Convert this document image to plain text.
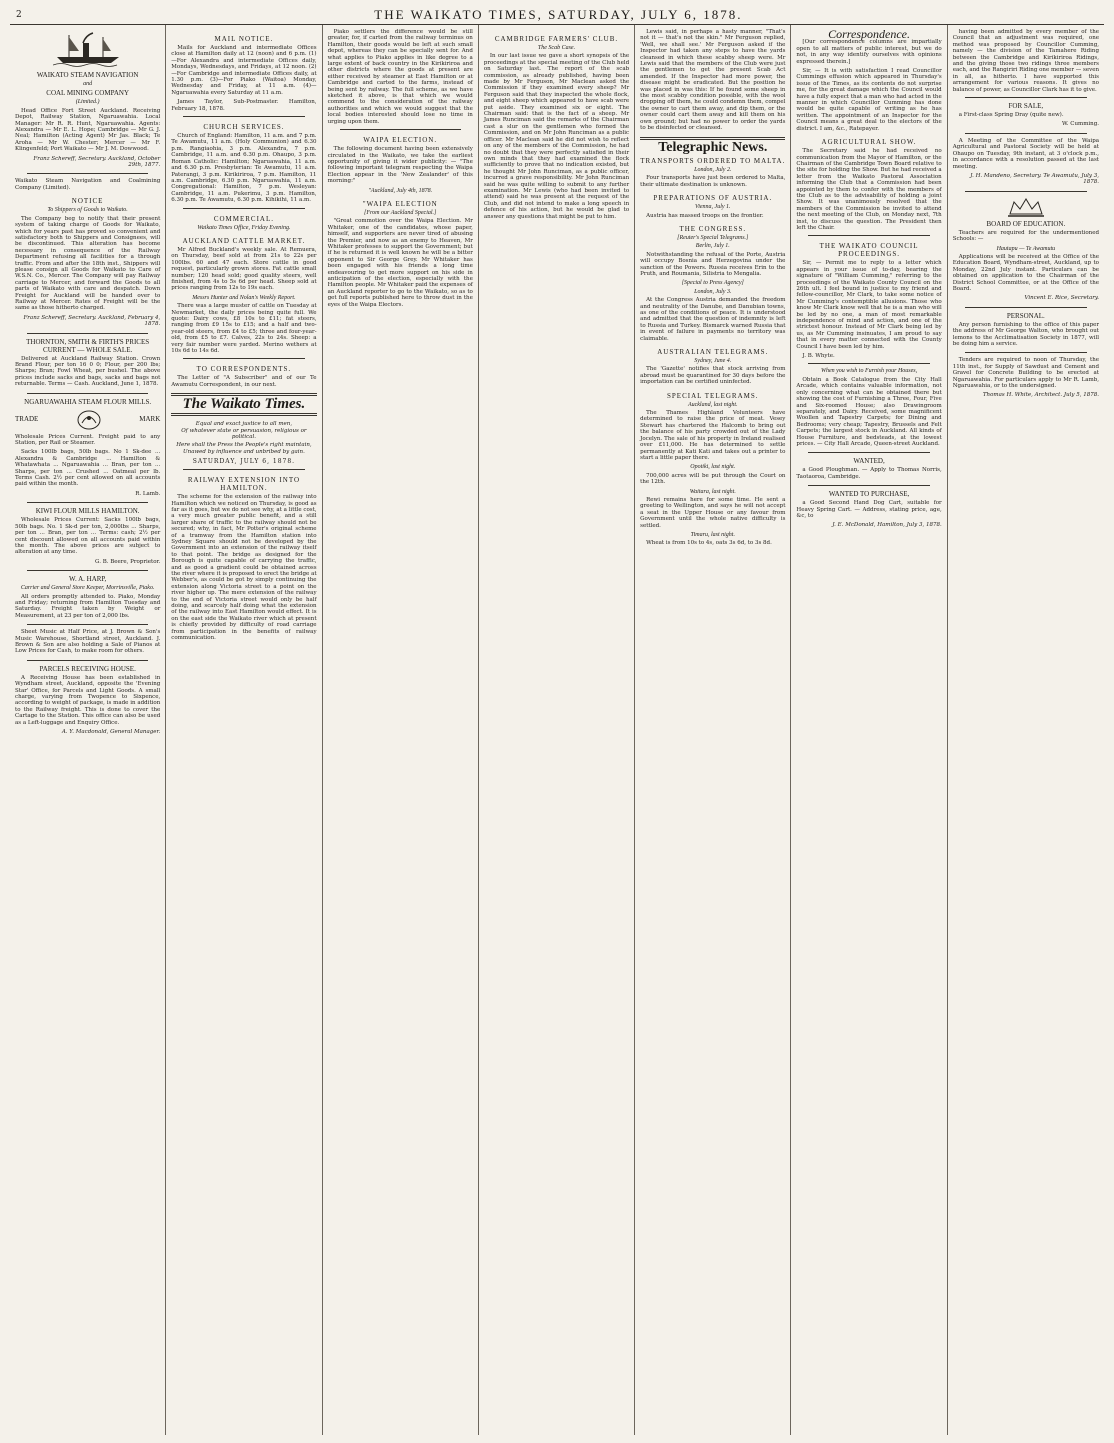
2	THE WAIKATO TIMES, SATURDAY, JULY 6, 1878.

WAIKATO STEAM NAVIGATION
and
COAL MINING COMPANY
(Limited.)

Head Office Fort Street Auckland. Receiving Depot, Railway Station, Ngaruawahia. Local Manager: Mr R. R. Hunt, Ngaruawahia. Agents: Alexandra — Mr E. L. Hope; Cambridge — Mr G. J. Neal; Hamilton (Acting Agent) Mr Jas. Black; Te Aroha — Mr W. Chester; Mercer — Mr F. Klingenfeld; Port Waikato — Mr J. M. Dowwood.

Franz Schereff, Secretary. Auckland, October 29th, 1877.

Waikato Steam Navigation and Coalmining Company (Limited).

NOTICE
To Shippers of Goods to Waikato.

The Company beg to notify that their present system of taking charge of Goods for Waikato, which for years past has proved so convenient and satisfactory both to Shippers and Consignees, will be discontinued. This alteration has become necessary in consequence of the Railway Department refusing all facilities for a through traffic. From and after the 18th inst., Shippers will please consign all Goods for Waikato to Care of W.S.N. Co., Mercer. The Company will pay Railway carriage to Mercer, and forward the Goods to all parts of Waikato with care and despatch. Down Freight for Auckland will be handed over to Railway at Mercer. Rates of Freight will be the same as those hitherto charged.

Franz Schereff, Secretary. Auckland, February 4, 1878.

THORNTON, SMITH & FIRTH'S PRICES CURRENT — WHOLE SALE.

Delivered at Auckland Railway Station. Crown Brand Flour, per ton 16 0 0; Flour, per 200 lbs; Sharps; Bran; Fowl Wheat, per bushel. The above prices include sacks and bags, sacks and bags not returnable. Terms — Cash. Auckland, June 1, 1878.

NGARUAWAHIA STEAM FLOUR MILLS.
TRADE	MARK

Wholesale Prices Current. Freight paid to any Station, per Rail or Steamer.

Sacks 100lb bags, 50lb bags. No 1 Sk-dee ... Alexandra & Cambridge ... Hamilton & Whatawhata ... Ngaruawahia ... Bran, per ton ... Sharps, per ton ... Crushed ... Oatmeal per lb. Terms Cash. 2½ per cent allowed on all accounts paid within the month.

R. Lamb.

KIWI FLOUR MILLS HAMILTON.

Wholesale Prices Current: Sacks 100lb bags, 50lb bags. No. 1 Sk-d per ton, 2,000lbs ... Sharps, per ton ... Bran, per ton ... Terms: cash; 2½ per cent discount allowed on all accounts paid within the month. The above prices are subject to alteration at any time.

G. B. Beere, Proprietor.

W. A. HARP,
Carrier and General Store Keeper, Morrinsville, Piako.

All orders promptly attended to. Piako, Monday and Friday; returning from Hamilton Tuesday and Saturday. Freight taken by Weight or Measurement, at 23 per ton of 2,000 lbs.

Sheet Music at Half Price, at J. Brown & Son's Music Warehouse, Shortland street, Auckland. J. Brown & Son are also holding a Sale of Pianos at Low Prices for Cash, to make room for others.

PARCELS RECEIVING HOUSE.

A Receiving House has been established in Wyndham street, Auckland, opposite the 'Evening Star' Office, for Parcels and Light Goods. A small charge, varying from Twopence to Sixpence, according to weight of package, is made in addition to the Railway freight. This is done to cover the Cartage to the Station. This office can also be used as a Left-luggage and Enquiry Office.

A. Y. Macdonald, General Manager.

MAIL NOTICE.

Mails for Auckland and intermediate Offices close at Hamilton daily at 12 (noon) and 6 p.m. (1)—For Alexandra and intermediate Offices daily, Mondays, Wednesdays, and Fridays, at 12 noon. (2)—For Cambridge and intermediate Offices daily, at 1.30 p.m. (3)—For Piako (Waitoa) Monday, Wednesday and Friday, at 11 a.m. (4)—Ngaruawahia every Saturday at 11 a.m.

James Taylor, Sub-Postmaster. Hamilton, February 18, 1878.

CHURCH SERVICES.

Church of England: Hamilton, 11 a.m. and 7 p.m. Te Awamutu, 11 a.m. (Holy Communion) and 6.30 p.m. Rangiaohia, 3 p.m. Alexandra, 7 p.m. Cambridge, 11 a.m. and 6.30 p.m. Ohaupo, 3 p.m. Roman Catholic: Hamilton; Ngaruawahia, 11 a.m. and 6.30 p.m. Presbyterian: Te Awamutu, 11 a.m. Paterangi, 3 p.m. Kirikiriroa, 7 p.m. Hamilton, 11 a.m. Cambridge, 6.30 p.m. Ngaruawahia, 11 a.m. Congregational: Hamilton, 7 p.m. Wesleyan: Cambridge, 11 a.m. Pukerimu, 3 p.m. Hamilton, 6.30 p.m. Te Awamutu, 6.30 p.m. Kihikihi, 11 a.m.

COMMERCIAL.
Waikato Times Office, Friday Evening.
AUCKLAND CATTLE MARKET.

Mr Alfred Buckland's weekly sale. At Remuera, on Thursday, beef sold at from 21s to 22s per 100lbs. 60 and 47 each. Store cattle in good request, particularly grown stores. Fat cattle small number; 120 head sold; good quality steers, well finished, from 4s to 5s 6d per head. Sheep sold at prices ranging from 12s to 19s each.

Messrs Hunter and Nolan's Weekly Report.

There was a large muster of cattle on Tuesday at Newmarket, the daily prices being quite full. We quote: Dairy cows, £8 10s to £11; fat steers, ranging from £9 15s to £15; and a half and two-year-old steers, from £4 to £5; three and four-year-old, from £5 to £7. Calves, 22s to 24s. Sheep: a very fair number were yarded. Merino wethers at 10s 6d to 14s 6d.

TO CORRESPONDENTS.

The Letter of "A Subscriber" and of our Te Awamutu Correspondent, in our next.

The Waikato Times.
Equal and exact justice to all men,
Of whatever state or persuasion, religious or political.
Here shall the Press the People's right maintain,
Unawed by influence and unbribed by gain.
SATURDAY, JULY 6, 1878.
RAILWAY EXTENSION INTO HAMILTON.

The scheme for the extension of the railway into Hamilton which we noticed on Thursday, is good as far as it goes, but we do not see why, at a little cost, a very much greater public benefit, and a still larger share of traffic to the railway should not be secured; why, in fact, Mr Potter's original scheme of a tramway from the Hamilton station into Sydney Square should not be developed by the Government into an extension of the railway itself to that point. The bridge as designed for the Borough is quite capable of carrying the traffic, and as good a gradient could be obtained across the river where it is proposed to erect the bridge at Webber's, as could be got by simply continuing the extension along Victoria street to a point on the river higher up. The mere extension of the railway to the end of Victoria street would only be half doing, and scarcely half doing what the extension of the railway into East Hamilton would effect. It is on the east side the Waikato river which at present is chiefly provided by difficulty of road carriage from participation in the benefits of railway communication.

Piako settlers the difference would be still greater, for, if carted from the railway terminus on Hamilton, their goods would be left at such small depot, whereas they can be specially sent for. And what applies to Piako applies in like degree to a large extent of back country in the Kirikiriroa and other districts where the goods at present are either received by steamer at East Hamilton or at Cambridge and carted to the farms, instead of being sent by railway. The full scheme, as we have sketched it above, is that which we would commend to the consideration of the railway authorities and which we would suggest that the local bodies interested should lose no time in urging upon them.

WAIPA ELECTION.

The following document having been extensively circulated in the Waikato, we take the earliest opportunity of giving it wider publicity: — "The following important telegram respecting the Waipa Election appear in the 'New Zealander' of this morning:"

"Auckland, July 4th, 1878.
"WAIPA ELECTION
[From our Auckland Special.]

"Great commotion over the Waipa Election. Mr Whitaker, one of the candidates, whose paper, himself, and supporters are never tired of abusing the Premier, and now as an enemy to Heaven, Mr Whitaker professes to support the Government; but if he is returned it is well known he will be a bitter opponent to Sir George Grey. Mr Whitaker has been engaged with his friends a long time endeavouring to get more support on his side in anticipation of the election, especially with the Hamilton people. Mr Whitaker paid the expenses of an Auckland reporter to go to the Waikato, so as to get full reports published here to throw dust in the eyes of the Waipa Electors.

CAMBRIDGE FARMERS' CLUB.
The Scab Case.

In our last issue we gave a short synopsis of the proceedings at the special meeting of the Club held on Saturday last. The report of the scab commission, as already published, having been made by Mr Ferguson, Mr Maclean asked the Commission if they examined every sheep? Mr Ferguson said that they inspected the whole flock, and eight sheep which appeared to have scab were put aside. They examined six or eight. The Chairman said: that is the fact of a sheep. Mr James Runciman said the remarks of the Chairman cast a slur on the gentlemen who formed the Commission, and on Mr John Runciman as a public officer. Mr Maclean said he did not wish to reflect on any of the members of the Commission, he had no doubt that they were perfectly satisfied in their own minds that they had examined the flock sufficiently to prove that no indication existed, but he thought Mr John Runciman, as a public officer, incurred a grave responsibility. Mr John Runciman said he was quite willing to submit to any further examination. Mr Lewis (who had been invited to attend) said he was present at the request of the Club, and did not intend to make a long speech in defence of his action, but he would be glad to answer any questions that might be put to him.

Lewis said, in perhaps a hasty manner, "That's not it — that's not the skin." Mr Ferguson replied, 'Well, we shall see.' Mr Ferguson asked if the Inspector had taken any steps to have the yards cleansed in which these scabby sheep were. Mr Lewis said that the members of the Club were just the gentlemen to get the present Scab Act amended. If the Inspector had more power, the disease might be eradicated. But the position he was placed in was this: If he found some sheep in the most scabby condition possible, with the wool dropping off them, he could condemn them, compel the owner to cart them away, and dip them, or the owner could cart them away and kill them on his own ground; but had no power to order the yards to be disinfected or cleansed.

Telegraphic News.
TRANSPORTS ORDERED TO MALTA.
London, July 2.

Four transports have just been ordered to Malta, their ultimate destination is unknown.

PREPARATIONS OF AUSTRIA.
Vienna, July 1.

Austria has massed troops on the frontier.

THE CONGRESS.
[Reuter's Special Telegrams.]
Berlin, July 1.

Notwithstanding the refusal of the Porte, Austria will occupy Bosnia and Herzegovina under the sanction of the Powers. Russia receives Erin to the Pruth, and Roumania, Silistria to Mengalia.

[Special to Press Agency]
London, July 3.

At the Congress Austria demanded the freedom and neutrality of the Danube, and Danubian towns, as one of the conditions of peace. It is understood and admitted that the question of indemnity is left to Russia and Turkey. Bismarck warned Russia that in event of failure in payments no territory was claimable.

AUSTRALIAN TELEGRAMS.
Sydney, June 4.

The 'Gazette' notifies that stock arriving from abroad must be quarantined for 30 days before the importation can be certified uninfected.

SPECIAL TELEGRAMS.
Auckland, last night.

The Thames Highland Volunteers have determined to raise the price of meat. Vesey Stewart has chartered the Halcomb to bring out the balance of his party crowded out of the Lady Jocelyn. The sale of his property in Ireland realised over £11,000. He has determined to settle permanently at Kati Kati and takes out a printer to start a little paper there.

Opotiki, last night.

700,000 acres will be put through the Court on the 12th.

Waitara, last night.

Rewi remains here for some time. He sent a greeting to Wellington, and says he will not accept a seat in the Upper House or any favour from Government until the whole native difficulty is settled.

Timaru, last night.

Wheat is from 10s to 4s, oats 3s 6d, to 3s 8d.

Correspondence.

[Our correspondence columns are impartially open to all matters of public interest, but we do not, in any way identify ourselves with opinions expressed therein.]

Sir, — It is with satisfaction I read Councillor Cummings effusion which appeared in Thursday's issue of the Times, as its contents do not surprise me, for the great damage which the Council would have a fully expect that a man who had acted in the manner in which Councillor Cumming has done would be quite capable of writing as he has written. The appointment of an Inspector for the Council means a great deal to the electors of the district. I am, &c., Ratepayer.

AGRICULTURAL SHOW.

The Secretary said he had received no communication from the Mayor of Hamilton, or the Chairman of the Cambridge Town Board relative to the site for holding the Show. But he had received a letter from the Waikato Pastoral Association informing the Club that a Commission had been appointed by them to confer with the members of the Club as to the advisability of holding a joint Show. It was unanimously resolved that the members of the Commission be invited to attend the next meeting of the Club, on Monday next, 7th inst, to discuss the question. The President then left the Chair.

THE WAIKATO COUNCIL PROCEEDINGS.

Sir, — Permit me to reply to a letter which appears in your issue of to-day, bearing the signature of "William Cumming," referring to the proceedings of the Waikato County Council on the 26th ult. I feel bound in justice to my friend and fellow-councillor, Mr Clark, to take some notice of Mr Cumming's contemptible allusions. Those who know Mr Clark know well that he is a man who will be led by no one, a man of most remarkable independence of mind and action, and one of the strictest honour. Instead of Mr Clark being led by us, as Mr Cumming insinuates, I am proud to say that in every matter connected with the County Council I have been led by him.

J. B. Whyte.

When you wish to Furnish your Houses,

Obtain a Book Catalogue from the City Hall Arcade, which contains valuable information, not only concerning what can be obtained there but showing the cost of Furnishing a Three, Four, Five and Six-roomed House; also Drawingroom separately, and Dairy. Received, some magnificent Woollen and Tapestry Carpets; for Dining and Bedrooms; very cheap; Tapestry, Brussels and Felt Carpets; the largest stock in Auckland. All kinds of House Furniture, and bedsteads, at the lowest prices. — City Hall Arcade, Queen-street Auckland.

WANTED,

a Good Ploughman. — Apply to Thomas Norris, Taotaoroa, Cambridge.

WANTED TO PURCHASE,

a Good Second Hand Dog Cart, suitable for Heavy Spring Cart. — Address, stating price, age, &c, to

J. E. McDonald, Hamilton, July 3, 1878.

having been admitted by every member of the Council that an adjustment was required, one method was proposed by Councillor Cumming, namely — the division of the Tamahere Riding between the Cambridge and Kirikiriroa Ridings, and the giving those two ridings three members each, and the Rangiriri Riding one member — seven in all, as hitherto. I have supported this arrangement for various reasons. It gives no balance of power, as Councillor Clark has it to give.

FOR SALE,

a First-class Spring Dray (quite new).

W. Cumming.

A Meeting of the Committee of the Waipa Agricultural and Pastoral Society will be held at Ohaupo on Tuesday, 9th instant, at 3 o'clock p.m., in accordance with a resolution passed at the last meeting.

J. H. Mandeno, Secretary. Te Awamutu, July 3, 1878.

BOARD OF EDUCATION.

Teachers are required for the undermentioned Schools: —

Hautapu — Te Awamutu

Applications will be received at the Office of the Education Board, Wyndham-street, Auckland, up to Monday, 22nd July instant. Particulars can be obtained on application to the Chairman of the District School Committee, or at the Office of the Board.

Vincent E. Rice, Secretary.

PERSONAL.

Any person furnishing to the office of this paper the address of Mr George Walton, who brought out lemons to the Acclimatisation Society in 1877, will be doing him a service.

Tenders are required to noon of Thursday, the 11th inst., for Supply of Sawdust and Cement and Gravel for Concrete Building to be erected at Ngaruawahia. For particulars apply to Mr R. Lamb, Ngaruawahia, or to the undersigned.

Thomas H. White, Architect. July 5, 1878.
